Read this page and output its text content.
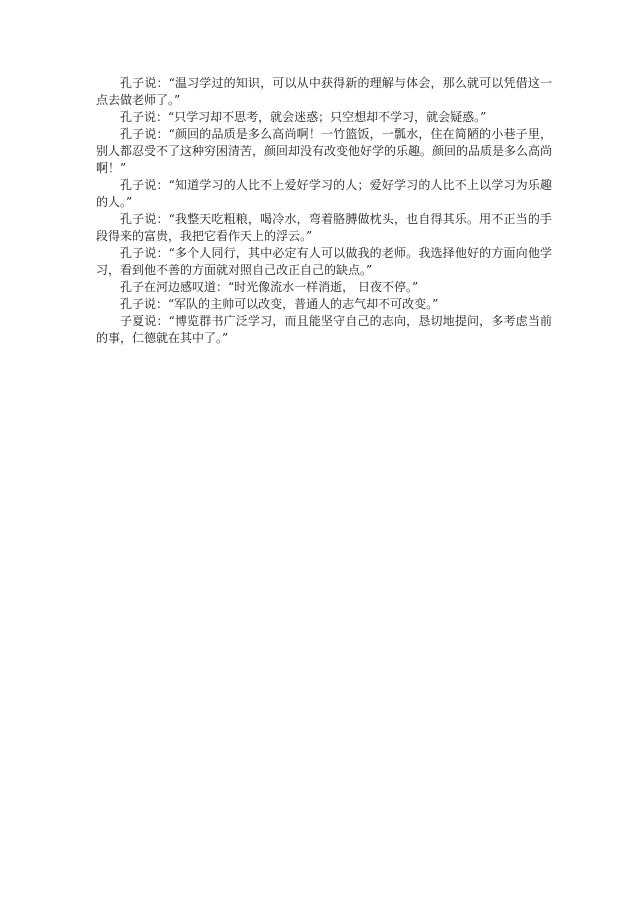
孔子说：“温习学过的知识，可以从中获得新的理解与体会，那么就可以凭借这一点去做老师了。”

孔子说：“只学习却不思考，就会迷惑；只空想却不学习，就会疑惑。”

孔子说：“颜回的品质是多么高尚啊！一竹篮饭，一瓢水，住在简陋的小巷子里，别人都忍受不了这种穷困清苦，颜回却没有改变他好学的乐趣。颜回的品质是多么高尚啊！”

孔子说：“知道学习的人比不上爱好学习的人；爱好学习的人比不上以学习为乐趣的人。”

孔子说：“我整天吃粗粮，喝冷水，弯着胳膊做枕头，也自得其乐。用不正当的手段得来的富贵，我把它看作天上的浮云。”

孔子说：“多个人同行，其中必定有人可以做我的老师。我选择他好的方面向他学习，看到他不善的方面就对照自己改正自己的缺点。”

孔子在河边感叹道：“时光像流水一样消逝， 日夜不停。”

孔子说：“军队的主帅可以改变，普通人的志气却不可改变。”

子夏说：“博览群书广泛学习，而且能坚守自己的志向，恳切地提问，多考虑当前的事，仁德就在其中了。”
